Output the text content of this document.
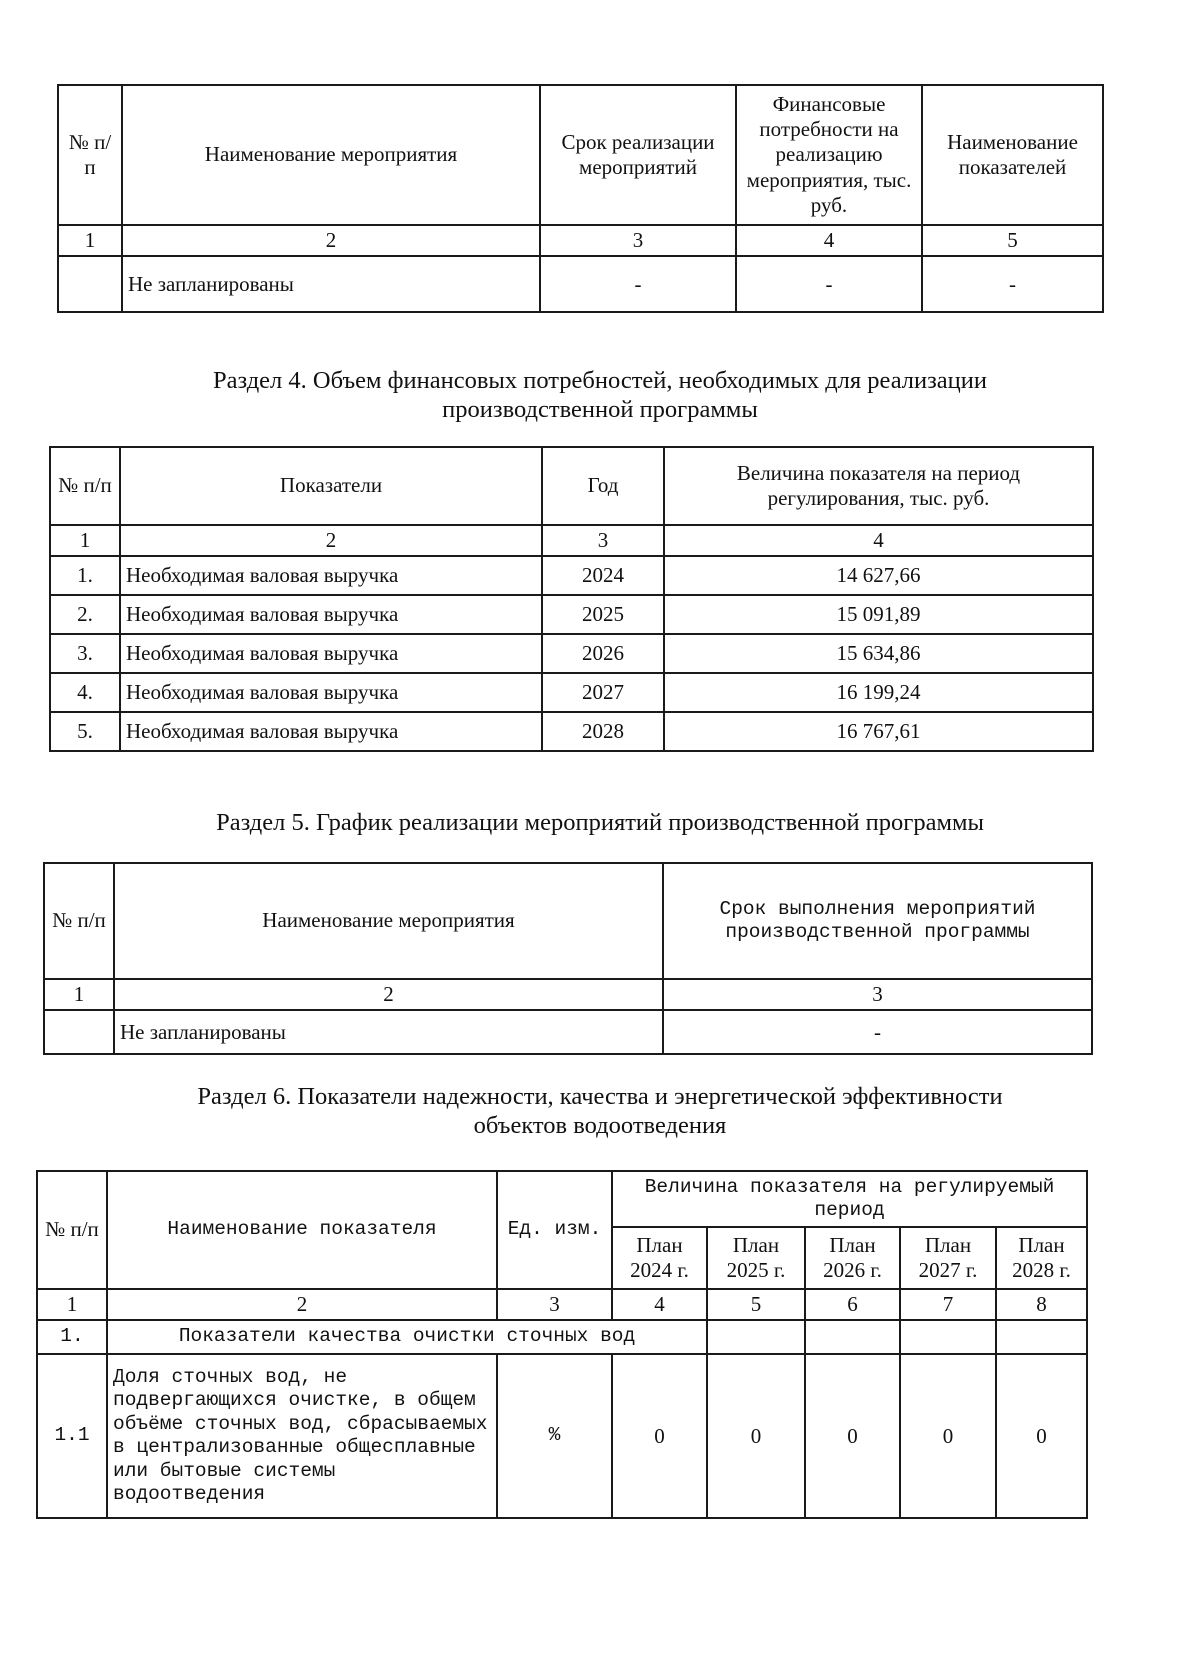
№ п/п	Наименование мероприятия	Срок реализации мероприятий	Финансовые потребности на реализацию мероприятия, тыс. руб.	Наименование показателей
1	2	3	4	5
	Не запланированы	-	-	-
Раздел 4. Объем финансовых потребностей, необходимых для реализации
производственной программы
№ п/п	Показатели	Год	Величина показателя на период регулирования, тыс. руб.
1	2	3	4
1.	Необходимая валовая выручка	2024	14 627,66
2.	Необходимая валовая выручка	2025	15 091,89
3.	Необходимая валовая выручка	2026	15 634,86
4.	Необходимая валовая выручка	2027	16 199,24
5.	Необходимая валовая выручка	2028	16 767,61
Раздел 5. График реализации мероприятий производственной программы
№ п/п	Наименование мероприятия	Срок выполнения мероприятий производственной программы
1	2	3
	Не запланированы	-
Раздел 6. Показатели надежности, качества и энергетической эффективности
объектов водоотведения
№ п/п	Наименование показателя	Ед. изм.	Величина показателя на регулируемый период				
			План 2024 г.	План 2025 г.	План 2026 г.	План 2027 г.	План 2028 г.
1	2	3	4	5	6	7	8
1.	Показатели качества очистки сточных вод						
1.1	Доля сточных вод, не подвергающихся очистке, в общем объёме сточных вод, сбрасываемых в централизованные общесплавные или бытовые системы водоотведения	%	0	0	0	0	0
